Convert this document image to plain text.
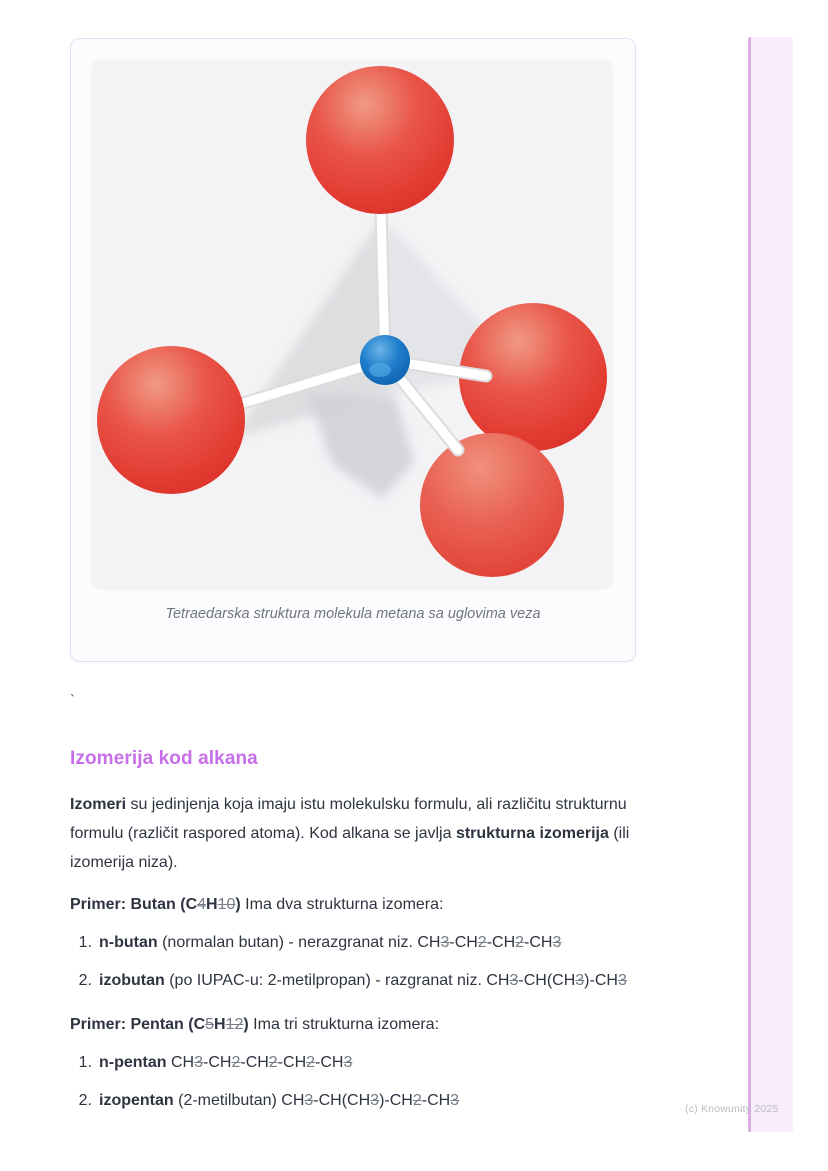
Tetraedarska struktura molekula metana sa uglovima veza
`
Izomerija kod alkana

Izomeri su jedinjenja koja imaju istu molekulsku formulu, ali različitu strukturnu formulu (različit raspored atoma). Kod alkana se javlja strukturna izomerija (ili izomerija niza).

Primer: Butan (C4H10) Ima dva strukturna izomera:
1. n-butan (normalan butan) - nerazgranat niz. CH3-CH2-CH2-CH3
2. izobutan (po IUPAC-u: 2-metilpropan) - razgranat niz. CH3-CH(CH3)-CH3
Primer: Pentan (C5H12) Ima tri strukturna izomera:
1. n-pentan CH3-CH2-CH2-CH2-CH3
2. izopentan (2-metilbutan) CH3-CH(CH3)-CH2-CH3	(c) Knowunity 2025
